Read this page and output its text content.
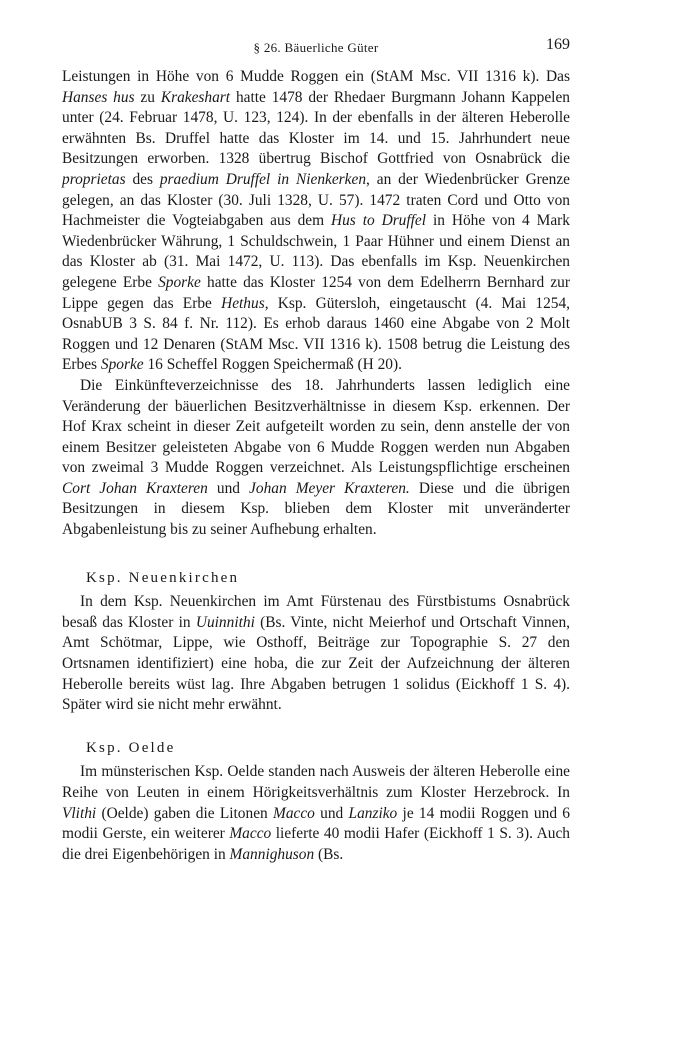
§ 26. Bäuerliche Güter	169

Leistungen in Höhe von 6 Mudde Roggen ein (StAM Msc. VII 1316 k). Das Hanses hus zu Krakeshart hatte 1478 der Rhedaer Burgmann Johann Kappelen unter (24. Februar 1478, U. 123, 124). In der ebenfalls in der älteren Heberolle erwähnten Bs. Druffel hatte das Kloster im 14. und 15. Jahrhundert neue Besitzungen erworben. 1328 übertrug Bischof Gottfried von Osnabrück die proprietas des praedium Druffel in Nienkerken, an der Wiedenbrücker Grenze gelegen, an das Kloster (30. Juli 1328, U. 57). 1472 traten Cord und Otto von Hachmeister die Vogteiabgaben aus dem Hus to Druffel in Höhe von 4 Mark Wiedenbrücker Währung, 1 Schuldschwein, 1 Paar Hühner und einem Dienst an das Kloster ab (31. Mai 1472, U. 113). Das ebenfalls im Ksp. Neuenkirchen gelegene Erbe Sporke hatte das Kloster 1254 von dem Edelherrn Bernhard zur Lippe gegen das Erbe Hethus, Ksp. Gütersloh, eingetauscht (4. Mai 1254, OsnabUB 3 S. 84 f. Nr. 112). Es erhob daraus 1460 eine Abgabe von 2 Molt Roggen und 12 Denaren (StAM Msc. VII 1316 k). 1508 betrug die Leistung des Erbes Sporke 16 Scheffel Roggen Speichermaß (H 20).

Die Einkünfteverzeichnisse des 18. Jahrhunderts lassen lediglich eine Veränderung der bäuerlichen Besitzverhältnisse in diesem Ksp. erkennen. Der Hof Krax scheint in dieser Zeit aufgeteilt worden zu sein, denn anstelle der von einem Besitzer geleisteten Abgabe von 6 Mudde Roggen werden nun Abgaben von zweimal 3 Mudde Roggen verzeichnet. Als Leistungspflichtige erscheinen Cort Johan Kraxteren und Johan Meyer Kraxteren. Diese und die übrigen Besitzungen in diesem Ksp. blieben dem Kloster mit unveränderter Abgabenleistung bis zu seiner Aufhebung erhalten.

Ksp. Neuenkirchen

In dem Ksp. Neuenkirchen im Amt Fürstenau des Fürstbistums Osnabrück besaß das Kloster in Uuinnithi (Bs. Vinte, nicht Meierhof und Ortschaft Vinnen, Amt Schötmar, Lippe, wie Osthoff, Beiträge zur Topographie S. 27 den Ortsnamen identifiziert) eine hoba, die zur Zeit der Aufzeichnung der älteren Heberolle bereits wüst lag. Ihre Abgaben betrugen 1 solidus (Eickhoff 1 S. 4). Später wird sie nicht mehr erwähnt.

Ksp. Oelde

Im münsterischen Ksp. Oelde standen nach Ausweis der älteren Heberolle eine Reihe von Leuten in einem Hörigkeitsverhältnis zum Kloster Herzebrock. In Vlithi (Oelde) gaben die Litonen Macco und Lanziko je 14 modii Roggen und 6 modii Gerste, ein weiterer Macco lieferte 40 modii Hafer (Eickhoff 1 S. 3). Auch die drei Eigenbehörigen in Mannighuson (Bs.
